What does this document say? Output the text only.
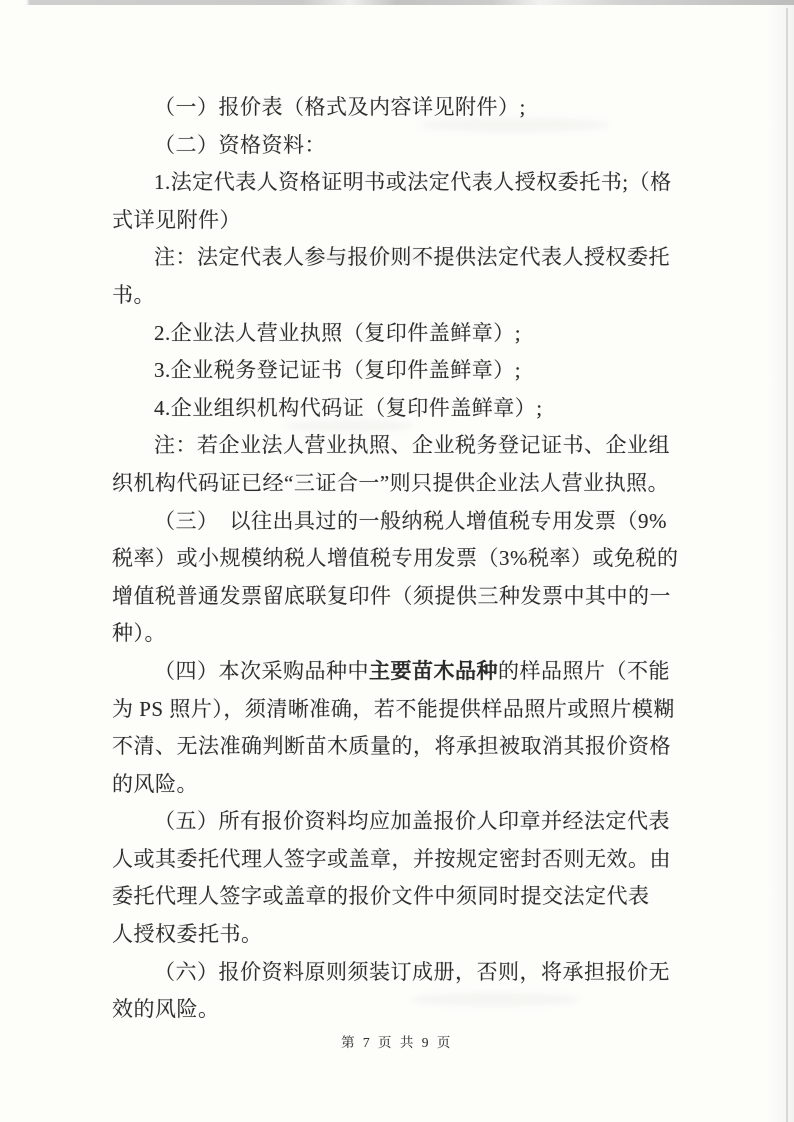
（一）报价表（格式及内容详见附件）;
（二）资格资料：
1.法定代表人资格证明书或法定代表人授权委托书;（格
式详见附件）
注：法定代表人参与报价则不提供法定代表人授权委托
书。
2.企业法人营业执照（复印件盖鲜章）;
3.企业税务登记证书（复印件盖鲜章）;
4.企业组织机构代码证（复印件盖鲜章）;
注：若企业法人营业执照、企业税务登记证书、企业组
织机构代码证已经“三证合一”则只提供企业法人营业执照。
（三）　以往出具过的一般纳税人增值税专用发票（9%
税率）或小规模纳税人增值税专用发票（3%税率）或免税的
增值税普通发票留底联复印件（须提供三种发票中其中的一
种）。
（四）本次采购品种中主要苗木品种的样品照片（不能
为 PS 照片），须清晰准确，若不能提供样品照片或照片模糊
不清、无法准确判断苗木质量的，将承担被取消其报价资格
的风险。
（五）所有报价资料均应加盖报价人印章并经法定代表
人或其委托代理人签字或盖章，并按规定密封否则无效。由
委托代理人签字或盖章的报价文件中须同时提交法定代表
人授权委托书。
（六）报价资料原则须装订成册，否则，将承担报价无
效的风险。
第 7 页 共 9 页
